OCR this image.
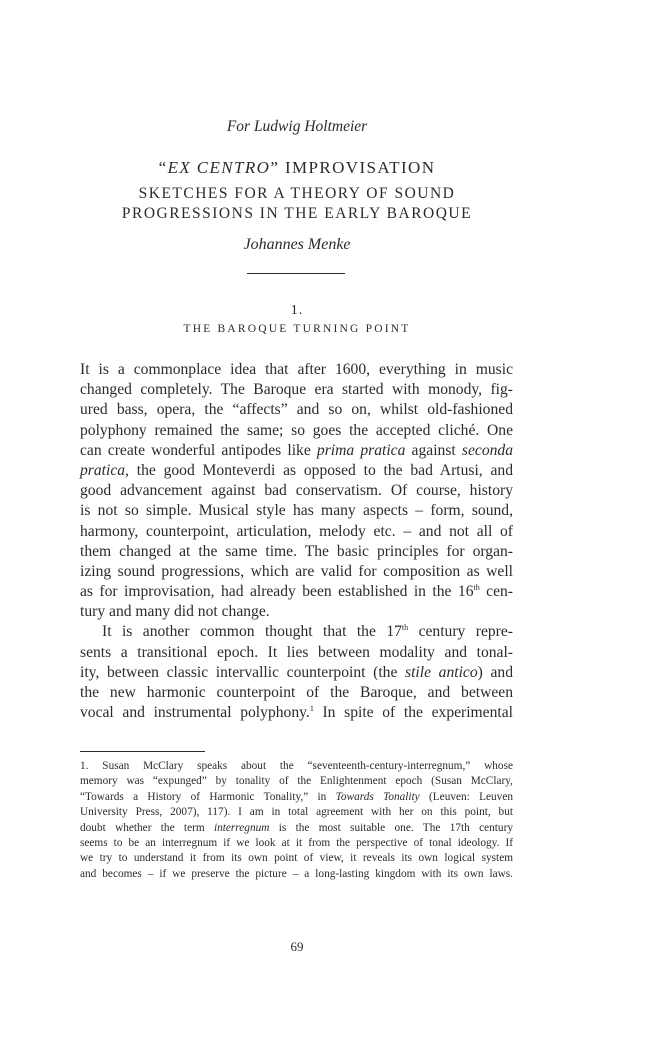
For Ludwig Holtmeier
“EX CENTRO” IMPROVISATION
SKETCHES FOR A THEORY OF SOUND
PROGRESSIONS IN THE EARLY BAROQUE
Johannes Menke
1.
THE BAROQUE TURNING POINT
It is a commonplace idea that after 1600, everything in music
changed completely. The Baroque era started with monody, fig-
ured bass, opera, the “affects” and so on, whilst old-fashioned
polyphony remained the same; so goes the accepted cliché. One
can create wonderful antipodes like prima pratica against seconda
pratica, the good Monteverdi as opposed to the bad Artusi, and
good advancement against bad conservatism. Of course, history
is not so simple. Musical style has many aspects – form, sound,
harmony, counterpoint, articulation, melody etc. – and not all of
them changed at the same time. The basic principles for organ-
izing sound progressions, which are valid for composition as well
as for improvisation, had already been established in the 16th cen-
tury and many did not change.
It is another common thought that the 17th century repre-
sents a transitional epoch. It lies between modality and tonal-
ity, between classic intervallic counterpoint (the stile antico) and
the new harmonic counterpoint of the Baroque, and between
vocal and instrumental polyphony.$^1$ In spite of the experimental
1. Susan McClary speaks about the “seventeenth-century-interregnum,” whose
memory was “expunged” by tonality of the Enlightenment epoch (Susan McClary,
“Towards a History of Harmonic Tonality,” in Towards Tonality (Leuven: Leuven
University Press, 2007), 117). I am in total agreement with her on this point, but
doubt whether the term interregnum is the most suitable one. The 17th century
seems to be an interregnum if we look at it from the perspective of tonal ideology. If
we try to understand it from its own point of view, it reveals its own logical system
and becomes – if we preserve the picture – a long-lasting kingdom with its own laws.
69
